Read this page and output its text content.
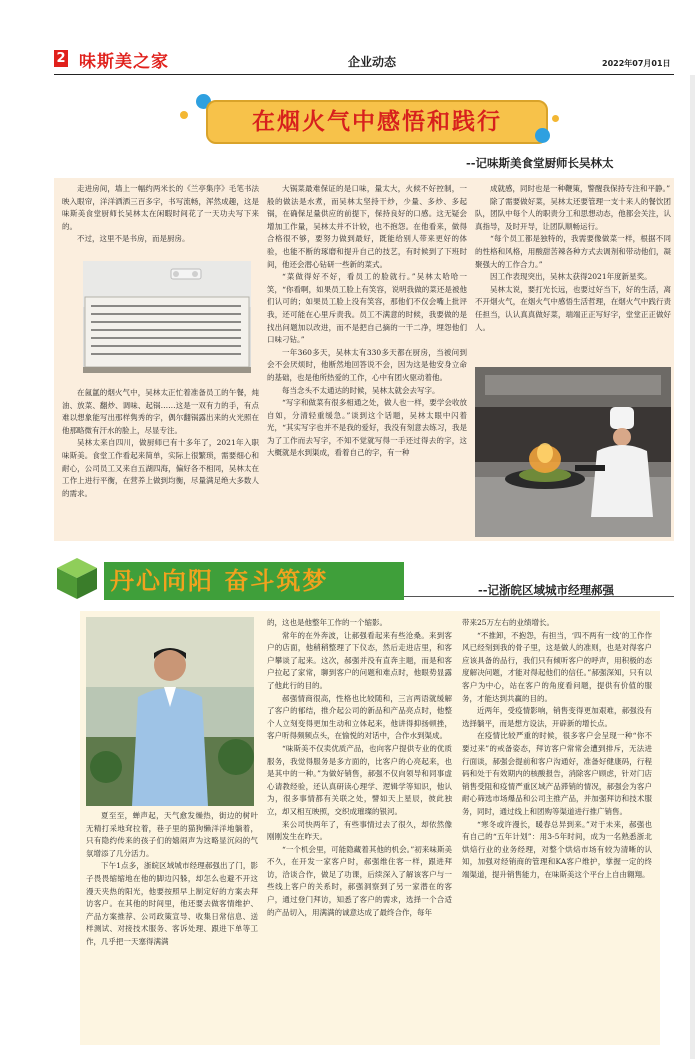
2 味斯美之家	企业动态	2022年07月01日
在烟火气中感悟和践行
--记味斯美食堂厨师长吴林太

走进房间，墙上一幅约两米长的《兰亭集序》毛笔书法映入眼帘，洋洋洒洒三百多字，书写流畅，浑然成趣，这是味斯美食堂厨师长吴林太在闲暇时间花了一天功夫写下来的。

不过，这里不是书房，而是厨房。

在氤氲的烟火气中，吴林太正忙着准备员工的午餐，炖油、放菜、翻炒、调味、起锅……这是一双有力的手，有点难以想象能写出那样隽秀的字，偶尔翻锅露出来的火光照在他那略微有汗水的脸上，尽显专注。

吴林太来自四川，做厨师已有十多年了，2021年入职味斯美。食堂工作看起来简单，实际上很繁琐，需要细心和耐心，公司员工又来自五湖四海，偏好各不相同，吴林太在工作上进行平衡，在营养上做到均衡，尽量满足绝大多数人的需求。

大锅菜最难保证的是口味，量太大，火候不好控制，一般的做法是水煮，而吴林太坚持干炒，少量、多炒、多起锅，在确保足量供应的前提下，保持良好的口感。这无疑会增加工作量，吴林太并不计较，也不抱怨。在他看来，做得合格很不够，要努力做到最好，既能给别人带来更好的体验，也能不断的琢磨和提升自己的技艺，有时候到了下班时间，他还会潜心钻研一些新的菜式。

“菜做得好不好，看员工的脸就行。”吴林太哈哈一笑，“你看啊，如果员工脸上有笑容，说明我做的菜还是被他们认可的；如果员工脸上没有笑容，那他们不仅会嘴上批评我，还可能在心里斥责我。员工不满意的时候，我要做的是找出问题加以改进，而不是把自己摘的一干二净，埋怨他们口味刁钻。”

一年360多天，吴林太有330多天都在厨房，当被问到会不会厌烦时，他断然地回答说不会，因为这是他安身立命的基础，也是他所热爱的工作，心中有团火驱动着他。

每当念头不太通达的时候，吴林太就会去写字。

“写字和做菜有很多相通之处，做人也一样，要学会收放自如，分清轻重缓急。”谈到这个话题，吴林太眼中闪着光，“其实写字也并不是我的爱好，我没有刻意去练习，我是为了工作而去写字，不知不觉就写得一手还过得去的字，这大概就是水到渠成，看着自己的字，有一种

成就感，同时也是一种鞭策，警醒我保持专注和平静。”

除了需要做好菜，吴林太还要管理一支十来人的餐饮团队，团队中每个人的职责分工和思想动态，他都会关注，认真指导，及时开导，让团队顺畅运行。

“每个员工都是独特的，我需要像做菜一样，根据不同的性格和风格，用酸甜苦辣各种方式去调剂和带动他们，凝聚强大的工作合力。”

因工作表现突出，吴林太获得2021年度新星奖。

吴林太说，要打光长远，也要过好当下，好的生活，离不开烟火气，在烟火气中感悟生活哲理，在烟火气中践行责任担当，认认真真做好菜，端端正正写好字，堂堂正正做好人。

丹心向阳 奋斗筑梦	--记浙皖区域城市经理郝强

夏至至，蝉声起，天气愈发燥热，街边的树叶无精打采地耷拉着，巷子里的猫狗懒洋洋地躺着，只有隐约传来的孩子们的嬉闹声为这略显沉闷的气氛增添了几分活力。

下午1点多，浙皖区域城市经理郝强出了门，影子畏畏缩缩地在他的脚边闪躲，却怎么也避不开这漫天夹热的阳光，他要按照早上制定好的方案去拜访客户。在其他的时间里，他还要去做客情维护、产品方案推荐、公司政策宣导、收集日常信息、送样测试、对接技术服务、客诉处理、跟进下单等工作，几乎把一天塞得满满

的，这也是他整年工作的一个缩影。

常年的在外奔波，让郝强看起来有些沧桑。来到客户的店面，他稍稍整理了下仪态，然后走进店里，和客户攀谈了起来。这次，郝强并没有直奔主题，而是和客户拉起了家常，聊到客户的问题和难点时，他眼势显露了他此行的目的。

郝强情商很高，性格也比较随和，三言两语就缓解了客户的郁结，推介起公司的新品和产品亮点时，他整个人立刻变得更加生动和立体起来，他讲得抑扬顿挫，客户听得频频点头，在愉悦的对话中，合作水到渠成。

“味斯美不仅卖优质产品，也向客户提供专业的优质服务，我觉得服务是多方面的，比客户的心亮起来，也是其中的一种。”为做好销售，郝强不仅向领导和同事虚心请教经验，还认真研读心理学、逻辑学等知识，他认为，很多事情都有关联之处，譬如天上星辰，彼此独立，却又相互映照，交织成璀璨的银河。

来公司快两年了，有些事情过去了很久，却依然像刚刚发生在昨天。

“一个机会里，可能隐藏着其他的机会。”初来味斯美不久，在开发一家客户时，郝强维住客一样，跟进拜访，洽谈合作，做足了功课，后续深入了解该客户与一些线上客户的关系时，郝强洞察到了另一家潜在的客户，通过登门拜访，知悉了客户的需求，选择一个合适的产品切入，用满满的诚意达成了最终合作，每年

带来25万左右的业绩增长。

“不推卸，不抱怨，有担当，‘四不两有一线’的工作作风已经刻到我的骨子里，这是做人的准则，也是对得客户应该具备的品行，我们只有倾听客户的呼声，用积极的态度解决问题，才能对得起他们的信任。”郝强深知，只有以客户为中心，站在客户的角度看问题，提供有价值的服务，才能达到共赢的目的。

近两年，受疫情影响，销售变得更加艰难，郝强没有选择躺平，而是想方设法，开辟新的增长点。

在疫情比较严重的时候，很多客户会呈现一种“你不要过来”的戒备姿态，拜访客户常常会遭到排斥，无法进行面谈，郝强会提前和客户沟通好，准备好健康码，行程码和处于有效期内的核酸报告，消除客户顾虑，针对门店销售受阻和疫情严重区域产品滞销的情况，郝强会为客户耐心筛选市场爆品和公司主推产品，并加强拜访和技术服务，同时，通过线上和团购等渠道进行推广销售。

“寒冬或许漫长，暖春总异到来。”对于未来，郝强也有自己的“五年计划”：用3-5年时间，成为一名熟悉浙北烘焙行业的业务经理，对整个烘焙市场有较为清晰的认知，加强对经销商的管理和KA客户维护，掌握一定的终端渠道，提升销售能力，在味斯美这个平台上自由翱翔。
